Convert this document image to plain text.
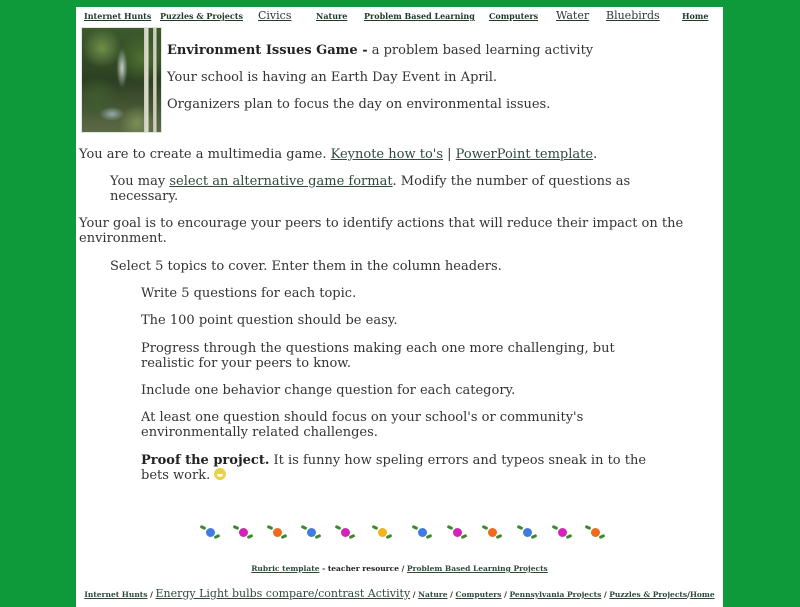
Internet Hunts Puzzles & Projects Civics	Nature Problem Based Learning Computers Water Bluebirds	Home

Environment Issues Game - a problem based learning activity

Your school is having an Earth Day Event in April.

Organizers plan to focus the day on environmental issues.

You are to create a multimedia game. Keynote how to's | PowerPoint template.
You may select an alternative game format. Modify the number of questions as
necessary.
Your goal is to encourage your peers to identify actions that will reduce their impact on the
environment.
Select 5 topics to cover. Enter them in the column headers.
Write 5 questions for each topic.
The 100 point question should be easy.
Progress through the questions making each one more challenging, but
realistic for your peers to know.
Include one behavior change question for each category.
At least one question should focus on your school's or community's
environmentally related challenges.
Proof the project. It is funny how speling errors and typeos sneak in to the
bets work.
Rubric template - teacher resource / Problem Based Learning Projects
Internet Hunts / Energy Light bulbs compare/contrast Activity / Nature / Computers / Pennsylvania Projects / Puzzles & Projects/Home
